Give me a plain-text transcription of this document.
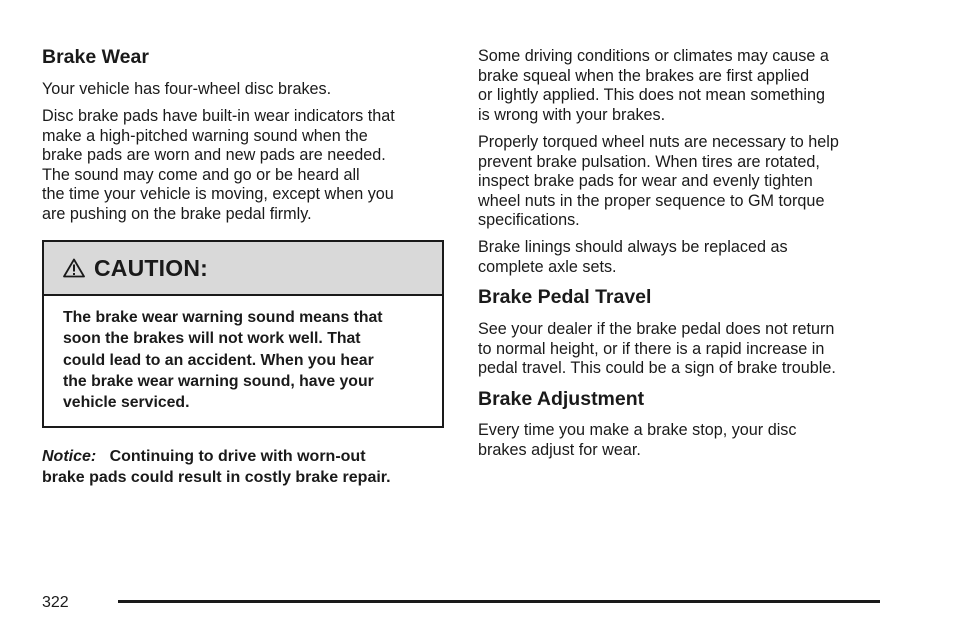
Brake Wear

Your vehicle has four-wheel disc brakes.

Disc brake pads have built-in wear indicators that
make a high-pitched warning sound when the
brake pads are worn and new pads are needed.
The sound may come and go or be heard all
the time your vehicle is moving, except when you
are pushing on the brake pedal firmly.

CAUTION:
The brake wear warning sound means that
soon the brakes will not work well. That
could lead to an accident. When you hear
the brake wear warning sound, have your
vehicle serviced.
Notice: Continuing to drive with worn-out
brake pads could result in costly brake repair.

Some driving conditions or climates may cause a
brake squeal when the brakes are first applied
or lightly applied. This does not mean something
is wrong with your brakes.

Properly torqued wheel nuts are necessary to help
prevent brake pulsation. When tires are rotated,
inspect brake pads for wear and evenly tighten
wheel nuts in the proper sequence to GM torque
specifications.

Brake linings should always be replaced as
complete axle sets.

Brake Pedal Travel

See your dealer if the brake pedal does not return
to normal height, or if there is a rapid increase in
pedal travel. This could be a sign of brake trouble.

Brake Adjustment

Every time you make a brake stop, your disc
brakes adjust for wear.

322
